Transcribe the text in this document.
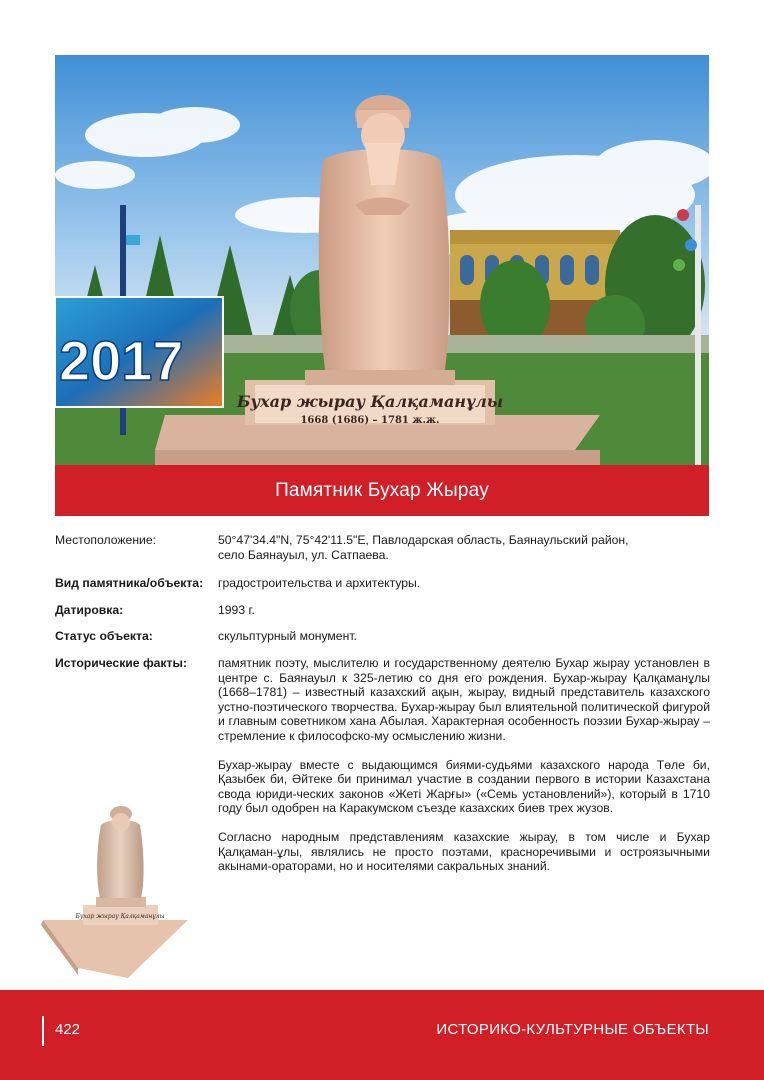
2017
Бухар жырау Қалқаманұлы
1668 (1686) – 1781 ж.ж.
Памятник Бухар Жырау
Местоположение:	50°47'34.4"N, 75°42'11.5"E, Павлодарская область, Баянаульский район,
село Баянауыл, ул. Сатпаева.
Вид памятника/объекта:	градостроительства и архитектуры.
Датировка:	1993 г.
Статус объекта:	скульптурный монумент.
Исторические факты:	памятник поэту, мыслителю и государственному деятелю Бухар жырау установлен в центре с. Баянауыл к 325-летию со дня его рождения. Бухар-жырау Қалқаманұлы (1668–1781) – известный казахский ақын, жырау, видный представитель казахского устно-поэтического творчества. Бухар-жырау был влиятельной политической фигурой и главным советником хана Абылая. Характерная особенность поэзии Бухар-жырау – стремление к философско-му осмыслению жизни.

Бухар-жырау вместе с выдающимся биями-судьями казахского народа Төле би, Қазыбек би, Әйтеке би принимал участие в создании первого в истории Казахстана свода юриди-ческих законов «Жеті Жарғы» («Семь установлений»), который в 1710 году был одобрен на Каракумском съезде казахских биев трех жузов.

Согласно народным представлениям казахские жырау, в том числе и Бухар Қалқаман-ұлы, являлись не просто поэтами, красноречивыми и остроязычными акынами-ораторами, но и носителями сакральных знаний.

Бухар жырау Қалқаманұлы
422	ИСТОРИКО-КУЛЬТУРНЫЕ ОБЪЕКТЫ
